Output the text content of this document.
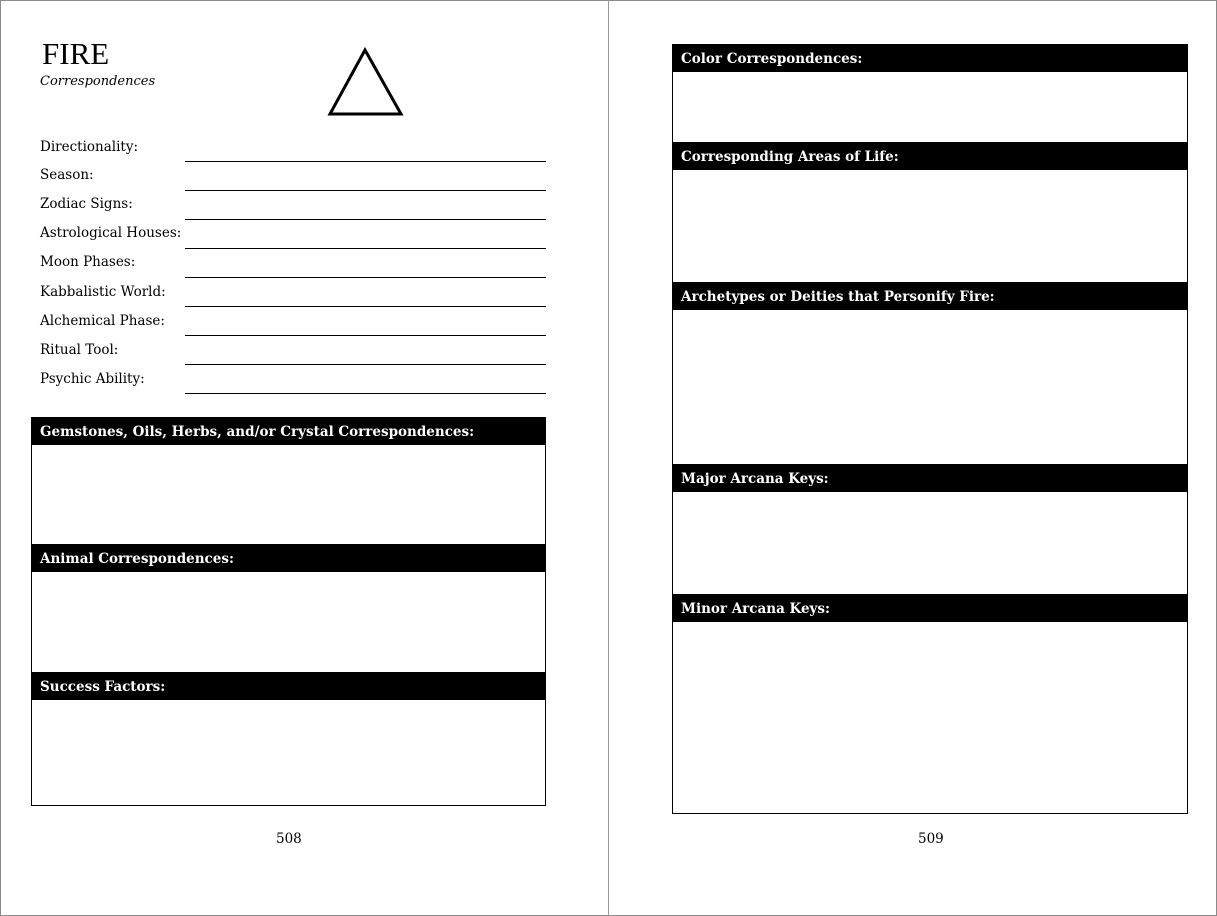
FIRE
Correspondences
Directionality:
Season:
Zodiac Signs:
Astrological Houses:
Moon Phases:
Kabbalistic World:
Alchemical Phase:
Ritual Tool:
Psychic Ability:
Gemstones, Oils, Herbs, and/or Crystal Correspondences:
Animal Correspondences:
Success Factors:
508
Color Correspondences:
Corresponding Areas of Life:
Archetypes or Deities that Personify Fire:
Major Arcana Keys:
Minor Arcana Keys:
509
